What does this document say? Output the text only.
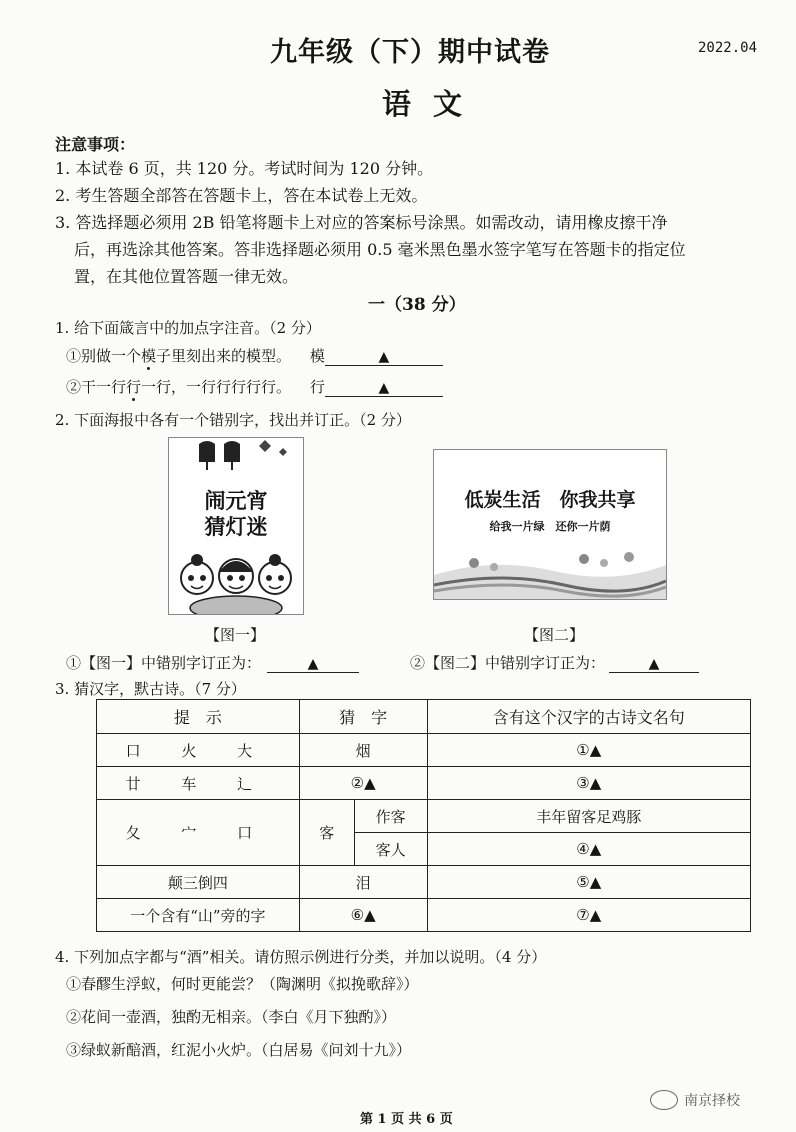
九年级（下）期中试卷	2022.04
语文
注意事项：
1. 本试卷 6 页，共 120 分。考试时间为 120 分钟。
2. 考生答题全部答在答题卡上，答在本试卷上无效。
3. 答选择题必须用 2B 铅笔将题卡上对应的答案标号涂黑。如需改动，请用橡皮擦干净
后，再选涂其他答案。答非选择题必须用 0.5 毫米黑色墨水签字笔写在答题卡的指定位
置，在其他位置答题一律无效。
一（38 分）
1. 给下面箴言中的加点字注音。（2 分）
①别做一个模子里刻出来的模型。 模	▲
②干一行行一行，一行行行行行。 行	▲
2. 下面海报中各有一个错别字，找出并订正。（2 分）
闹元宵
猜灯迷
低炭生活　你我共享
给我一片绿　还你一片荫
【图一】	【图二】
①【图一】中错别字订正为：	▲	②【图二】中错别字订正为：	▲
3. 猜汉字，默古诗。（7 分）
提　示	猜　字		含有这个汉字的古诗文名句
口 火 大	烟		①▲
廿 车 辶	②▲		③▲
夂 宀 口	客	作客	丰年留客足鸡豚
		客人	④▲
颠三倒四	泪		⑤▲
一个含有“山”旁的字	⑥▲		⑦▲
4. 下列加点字都与“酒”相关。请仿照示例进行分类，并加以说明。（4 分）
①春醪生浮蚁，何时更能尝？（陶渊明《拟挽歌辞》）
②花间一壶酒，独酌无相亲。（李白《月下独酌》）
③绿蚁新醅酒，红泥小火炉。（白居易《问刘十九》）
第 1 页 共 6 页
南京择校
